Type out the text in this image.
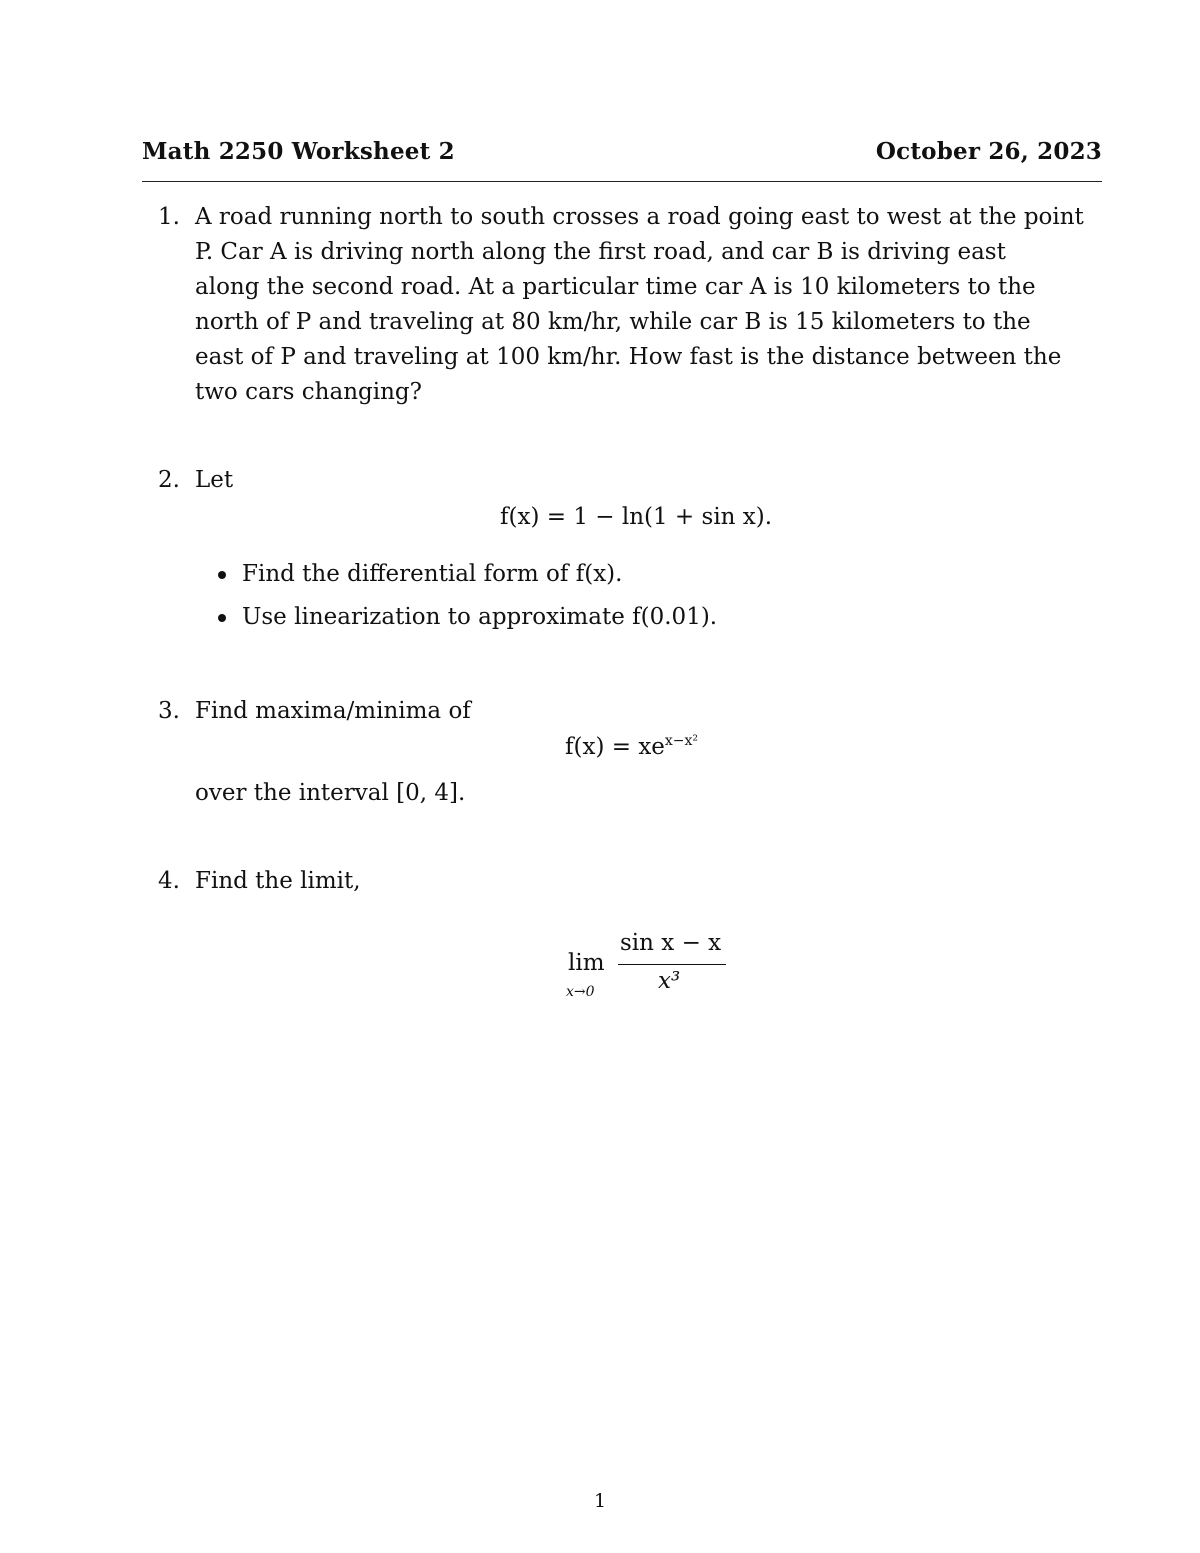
Math 2250 Worksheet 2	October 26, 2023
1. A road running north to south crosses a road going east to west at the point
P. Car A is driving north along the first road, and car B is driving east
along the second road. At a particular time car A is 10 kilometers to the
north of P and traveling at 80 km/hr, while car B is 15 kilometers to the
east of P and traveling at 100 km/hr. How fast is the distance between the
two cars changing?
2. Let
f(x) = 1 − ln(1 + sin x).
Find the differential form of f(x).
Use linearization to approximate f(0.01).
3. Find maxima/minima of
$f(x) = xe^{x-x^2}$
over the interval [0, 4].
4. Find the limit,
lim
x→0
sin x − x
x³
1
